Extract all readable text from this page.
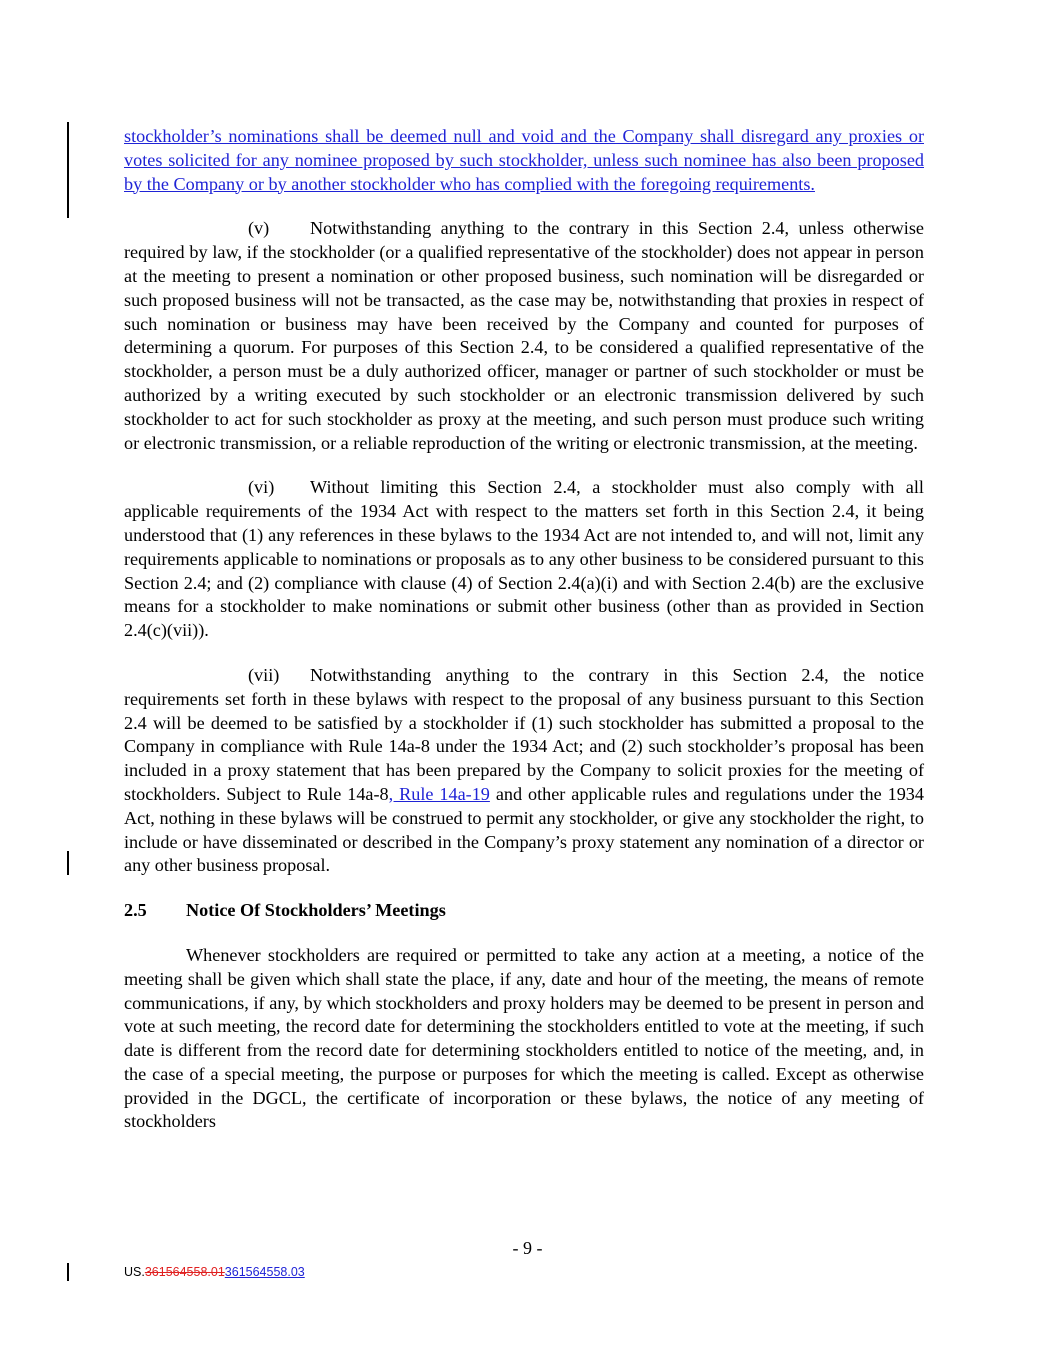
stockholder’s nominations shall be deemed null and void and the Company shall disregard any proxies or votes solicited for any nominee proposed by such stockholder, unless such nominee has also been proposed by the Company or by another stockholder who has complied with the foregoing requirements.

(v) Notwithstanding anything to the contrary in this Section 2.4, unless otherwise required by law, if the stockholder (or a qualified representative of the stockholder) does not appear in person at the meeting to present a nomination or other proposed business, such nomination will be disregarded or such proposed business will not be transacted, as the case may be, notwithstanding that proxies in respect of such nomination or business may have been received by the Company and counted for purposes of determining a quorum. For purposes of this Section 2.4, to be considered a qualified representative of the stockholder, a person must be a duly authorized officer, manager or partner of such stockholder or must be authorized by a writing executed by such stockholder or an electronic transmission delivered by such stockholder to act for such stockholder as proxy at the meeting, and such person must produce such writing or electronic transmission, or a reliable reproduction of the writing or electronic transmission, at the meeting.

(vi) Without limiting this Section 2.4, a stockholder must also comply with all applicable requirements of the 1934 Act with respect to the matters set forth in this Section 2.4, it being understood that (1) any references in these bylaws to the 1934 Act are not intended to, and will not, limit any requirements applicable to nominations or proposals as to any other business to be considered pursuant to this Section 2.4; and (2) compliance with clause (4) of Section 2.4(a)(i) and with Section 2.4(b) are the exclusive means for a stockholder to make nominations or submit other business (other than as provided in Section 2.4(c)(vii)).

(vii) Notwithstanding anything to the contrary in this Section 2.4, the notice requirements set forth in these bylaws with respect to the proposal of any business pursuant to this Section 2.4 will be deemed to be satisfied by a stockholder if (1) such stockholder has submitted a proposal to the Company in compliance with Rule 14a-8 under the 1934 Act; and (2) such stockholder’s proposal has been included in a proxy statement that has been prepared by the Company to solicit proxies for the meeting of stockholders. Subject to Rule 14a-8, Rule 14a-19 and other applicable rules and regulations under the 1934 Act, nothing in these bylaws will be construed to permit any stockholder, or give any stockholder the right, to include or have disseminated or described in the Company’s proxy statement any nomination of a director or any other business proposal.

2.5 Notice Of Stockholders’ Meetings

Whenever stockholders are required or permitted to take any action at a meeting, a notice of the meeting shall be given which shall state the place, if any, date and hour of the meeting, the means of remote communications, if any, by which stockholders and proxy holders may be deemed to be present in person and vote at such meeting, the record date for determining the stockholders entitled to vote at the meeting, if such date is different from the record date for determining stockholders entitled to notice of the meeting, and, in the case of a special meeting, the purpose or purposes for which the meeting is called. Except as otherwise provided in the DGCL, the certificate of incorporation or these bylaws, the notice of any meeting of stockholders

- 9 -
US.361564558.01361564558.03
